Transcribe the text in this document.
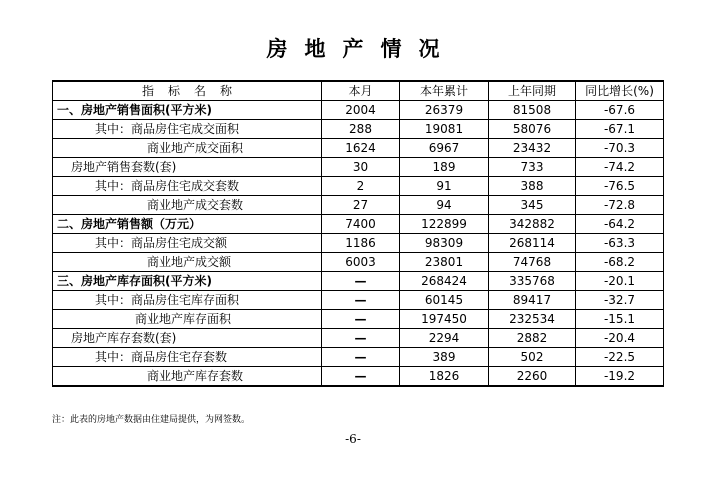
房地产情况
指标名称	本月	本年累计	上年同期	同比增长(%)
一、房地产销售面积(平方米)	2004	26379	81508	-67.6
其中：商品房住宅成交面积	288	19081	58076	-67.1
商业地产成交面积	1624	6967	23432	-70.3
房地产销售套数(套)	30	189	733	-74.2
其中：商品房住宅成交套数	2	91	388	-76.5
商业地产成交套数	27	94	345	-72.8
二、房地产销售额（万元）	7400	122899	342882	-64.2
其中：商品房住宅成交额	1186	98309	268114	-63.3
商业地产成交额	6003	23801	74768	-68.2
三、房地产库存面积(平方米)	—	268424	335768	-20.1
其中：商品房住宅库存面积	—	60145	89417	-32.7
商业地产库存面积	—	197450	232534	-15.1
房地产库存套数(套)	—	2294	2882	-20.4
其中：商品房住宅存套数	—	389	502	-22.5
商业地产库存套数	—	1826	2260	-19.2

注：此表的房地产数据由住建局提供，为网签数。

-6-
